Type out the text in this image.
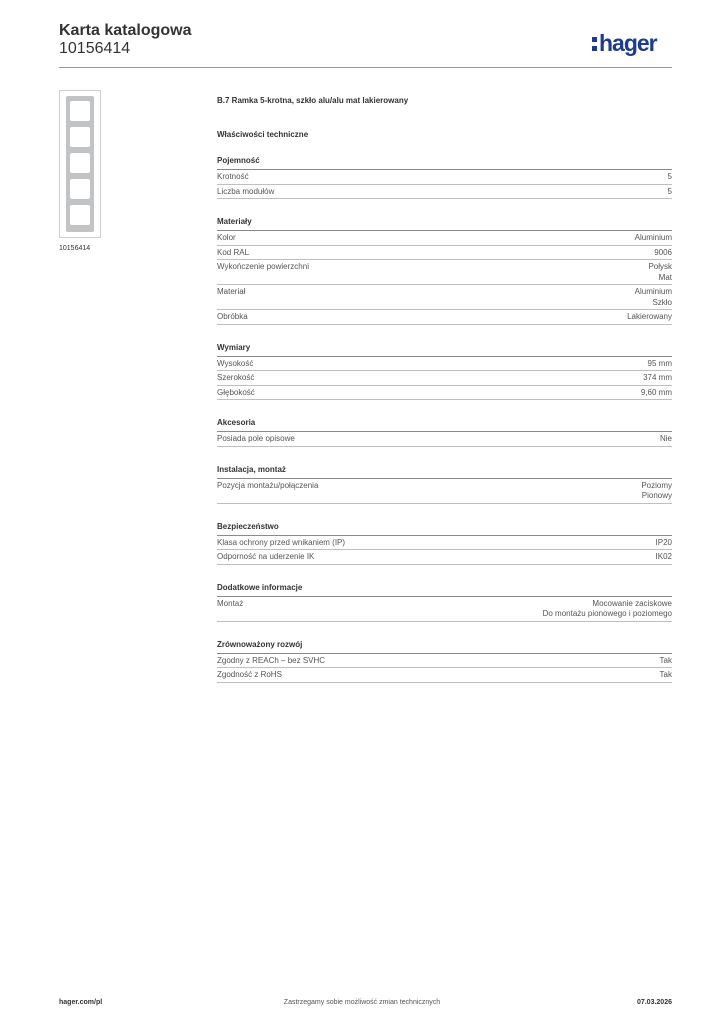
Karta katalogowa
10156414	hager
10156414

B.7 Ramka 5-krotna, szkło alu/alu mat lakierowany

Właściwości techniczne
Pojemność
Krotność	5
Liczba modułów	5
Materiały
Kolor	Aluminium
Kod RAL	9006
Wykończenie powierzchni	Połysk
Mat
Materiał	Aluminium
Szkło
Obróbka	Lakierowany
Wymiary
Wysokość	95 mm
Szerokość	374 mm
Głębokość	9,60 mm
Akcesoria
Posiada pole opisowe	Nie
Instalacja, montaż
Pozycja montażu/połączenia	Poziomy
Pionowy
Bezpieczeństwo
Klasa ochrony przed wnikaniem (IP)	IP20
Odporność na uderzenie IK	IK02
Dodatkowe informacje
Montaż	Mocowanie zaciskowe
Do montażu pionowego i poziomego
Zrównoważony rozwój
Zgodny z REACh – bez SVHC	Tak
Zgodność z RoHS	Tak
hager.com/pl	Zastrzegamy sobie możliwość zmian technicznych	07.03.2026
